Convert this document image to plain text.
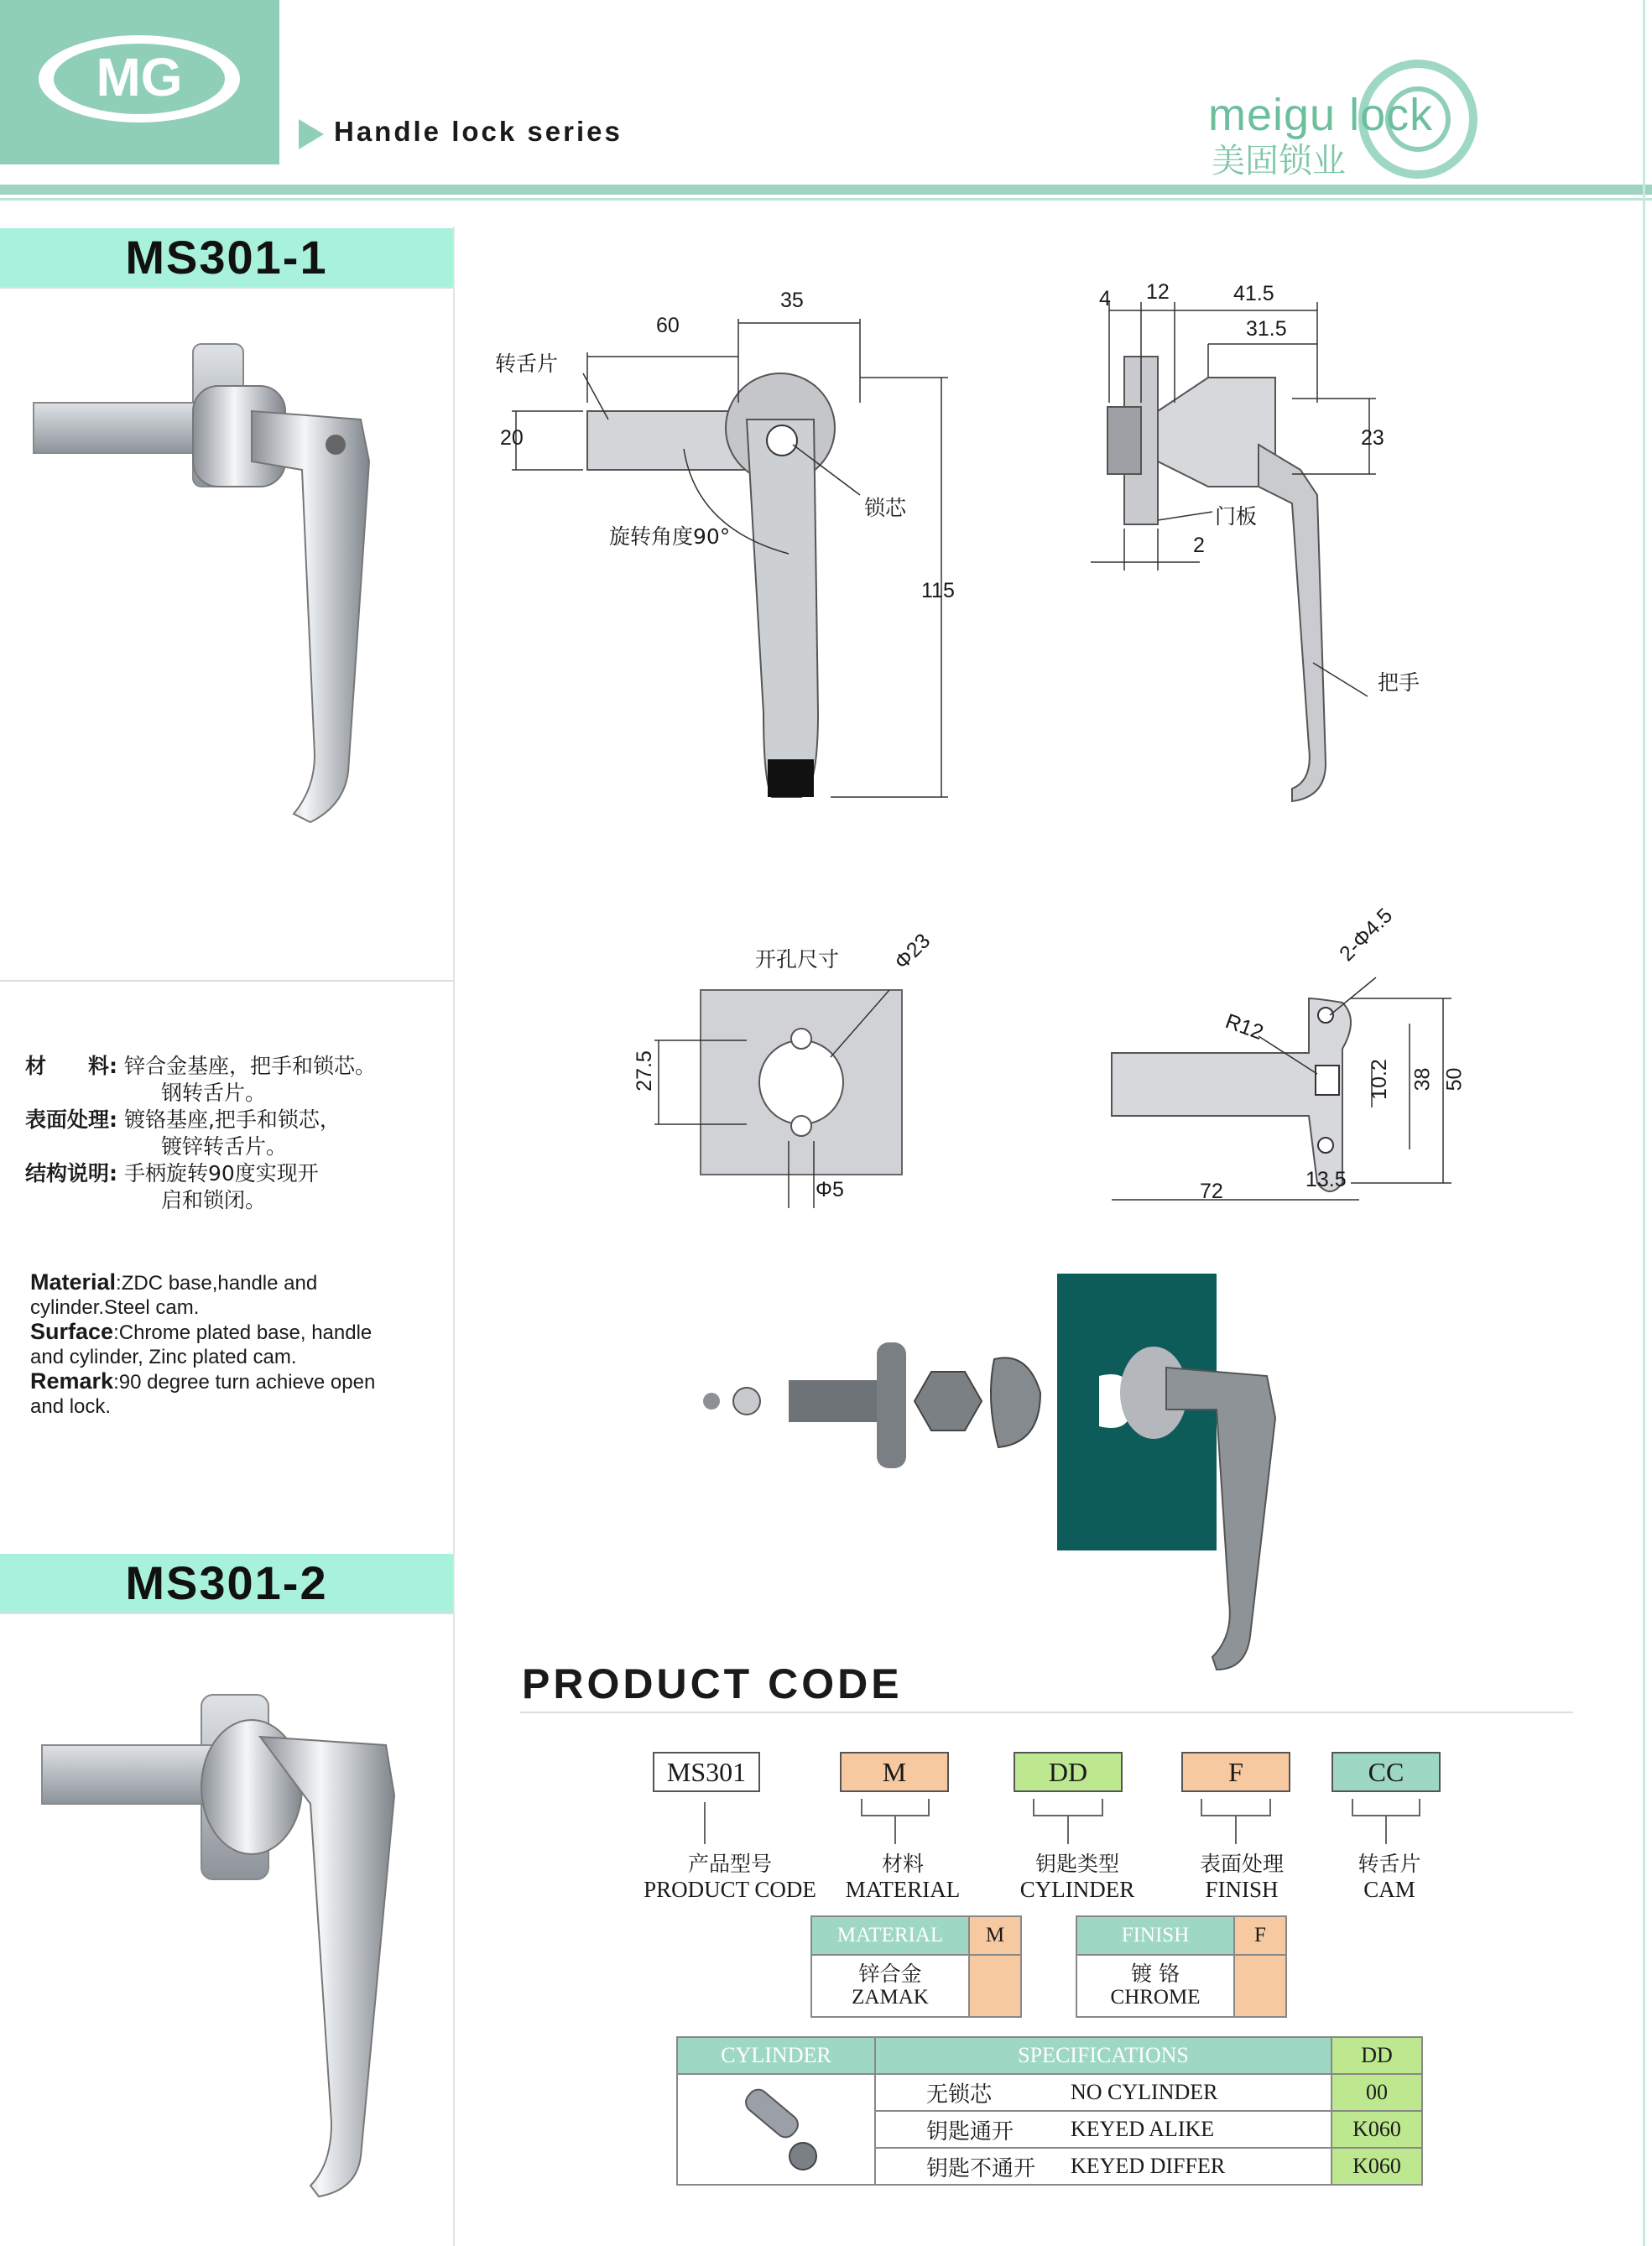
MG
Handle lock series	meigu lock
美固锁业
MS301-1
材　　料: 锌合金基座，把手和锁芯。
钢转舌片。
表面处理: 镀铬基座,把手和锁芯，
镀锌转舌片。
结构说明: 手柄旋转90度实现开
启和锁闭。
Material:ZDC base,handle and cylinder.Steel cam.
Surface:Chrome plated base, handle and cylinder, Zinc plated cam.
Remark:90 degree turn achieve open and lock.
MS301-2
60
35
20
115
转舌片
锁芯
旋转角度90°
4 12	41.5
31.5
23
2
门板
把手
27.5
Φ23
Φ5
开孔尺寸	2-Φ4.5
R12
10.2 38 50
72	13.5
PRODUCT CODE
MS301	M	DD	F	CC
产品型号
PRODUCT CODE
材料
MATERIAL
钥匙类型
CYLINDER
表面处理
FINISH
转舌片
CAM
MATERIAL	M

锌合金
ZAMAK	

FINISH	F

镀 铬
CHROME	

CYLINDER	SPECIFICATIONS		DD
	无锁芯	NO CYLINDER	00
	钥匙通开	KEYED ALIKE	K060
	钥匙不通开	KEYED DIFFER	K060
